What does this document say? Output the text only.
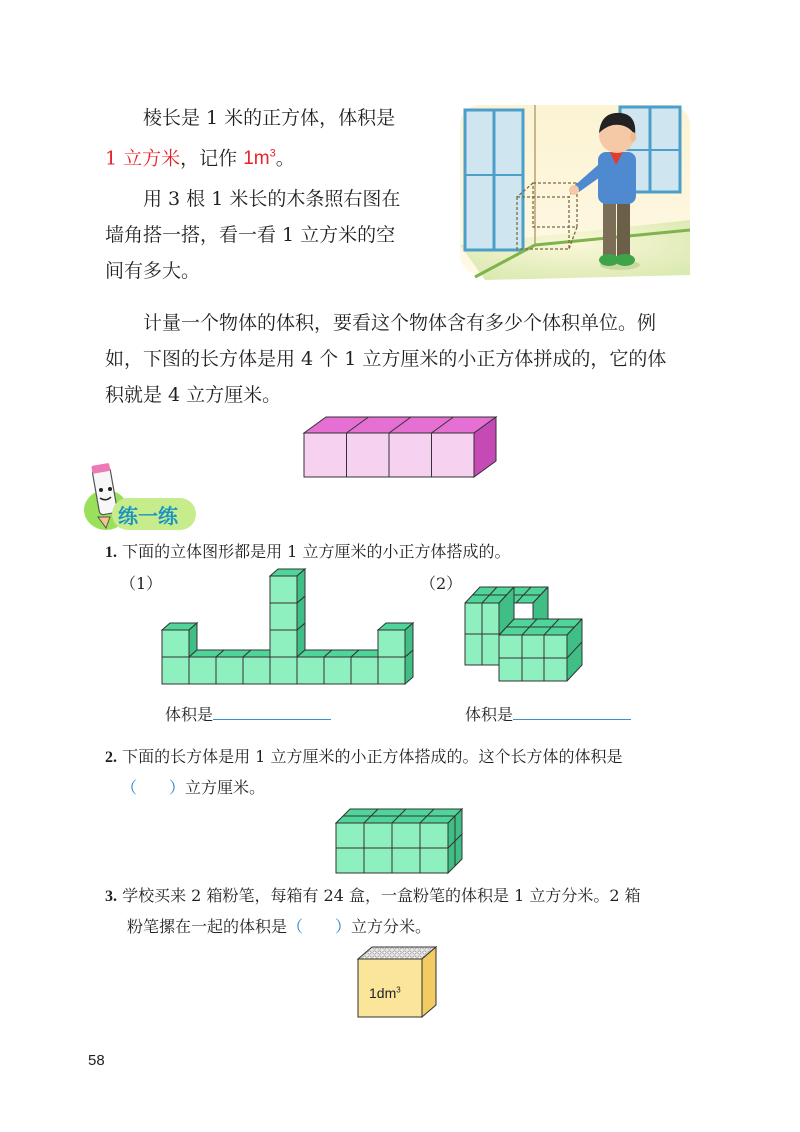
棱长是 1 米的正方体，体积是
1 立方米，记作 $1m^3$。
用 3 根 1 米长的木条照右图在
墙角搭一搭，看一看 1 立方米的空
间有多大。
计量一个物体的体积，要看这个物体含有多少个体积单位。例
如，下图的长方体是用 4 个 1 立方厘米的小正方体拼成的，它的体
积就是 4 立方厘米。
练一练
1. 下面的立体图形都是用 1 立方厘米的小正方体搭成的。
（1）	（2）
体积是	体积是
2. 下面的长方体是用 1 立方厘米的小正方体搭成的。这个长方体的体积是
（　　）立方厘米。
3. 学校买来 2 箱粉笔，每箱有 24 盒，一盒粉笔的体积是 1 立方分米。2 箱
粉笔摞在一起的体积是（　　）立方分米。
$1dm^3$
58
